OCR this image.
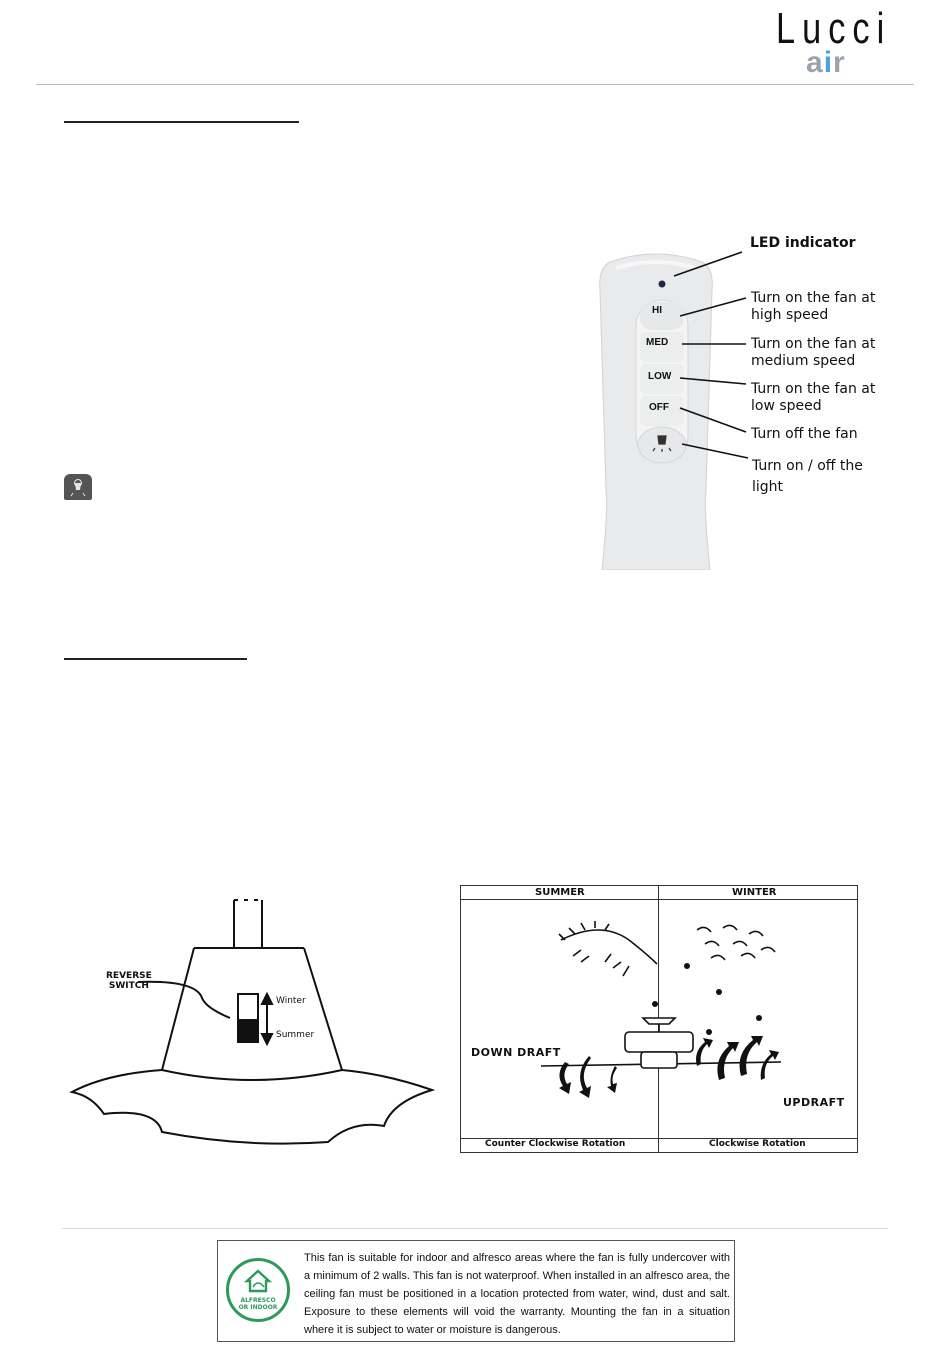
Lucci
air
HI
MED
LOW
OFF
LED indicator
Turn on the fan at
high speed
Turn on the fan at
medium speed
Turn on the fan at
low speed
Turn off the fan
Turn on / off the
light
REVERSE
SWITCH
Winter
Summer
SUMMER	WINTER
DOWN DRAFT
UPDRAFT
Counter Clockwise Rotation	Clockwise Rotation
ALFRESCO
OR INDOOR
This fan is suitable for indoor and alfresco areas where the fan is fully undercover with a minimum of 2 walls. This fan is not waterproof. When installed in an alfresco area, the ceiling fan must be positioned in a location protected from water, wind, dust and salt. Exposure to these elements will void the warranty. Mounting the fan in a situation where it is subject to water or moisture is dangerous.
